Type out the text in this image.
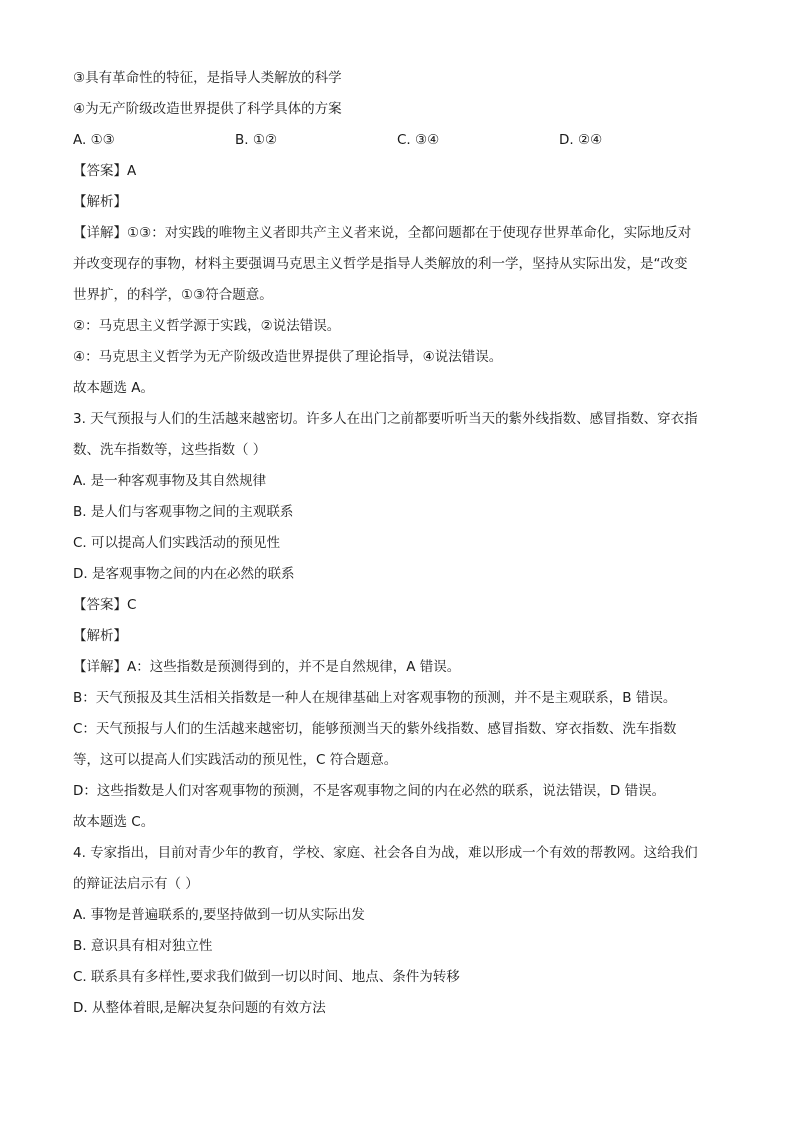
③具有革命性的特征，是指导人类解放的科学
④为无产阶级改造世界提供了科学具体的方案
A. ①③	B. ①②	C. ③④	D. ②④
【答案】A
【解析】
【详解】①③：对实践的唯物主义者即共产主义者来说，全都问题都在于使现存世界革命化，实际地反对
并改变现存的事物，材料主要强调马克思主义哲学是指导人类解放的利一学，坚持从实际出发，是“改变
世界扩，的科学，①③符合题意。
②：马克思主义哲学源于实践，②说法错误。
④：马克思主义哲学为无产阶级改造世界提供了理论指导，④说法错误。
故本题选 A。
3. 天气预报与人们的生活越来越密切。许多人在出门之前都要听听当天的紫外线指数、感冒指数、穿衣指
数、洗车指数等，这些指数（ ）
A. 是一种客观事物及其自然规律
B. 是人们与客观事物之间的主观联系
C. 可以提高人们实践活动的预见性
D. 是客观事物之间的内在必然的联系
【答案】C
【解析】
【详解】A：这些指数是预测得到的，并不是自然规律，A 错误。
B：天气预报及其生活相关指数是一种人在规律基础上对客观事物的预测，并不是主观联系，B 错误。
C：天气预报与人们的生活越来越密切，能够预测当天的紫外线指数、感冒指数、穿衣指数、洗车指数
等，这可以提高人们实践活动的预见性，C 符合题意。
D：这些指数是人们对客观事物的预测，不是客观事物之间的内在必然的联系，说法错误，D 错误。
故本题选 C。
4. 专家指出，目前对青少年的教育，学校、家庭、社会各自为战，难以形成一个有效的帮教网。这给我们
的辩证法启示有（ ）
A. 事物是普遍联系的,要坚持做到一切从实际出发
B. 意识具有相对独立性
C. 联系具有多样性,要求我们做到一切以时间、地点、条件为转移
D. 从整体着眼,是解决复杂问题的有效方法
